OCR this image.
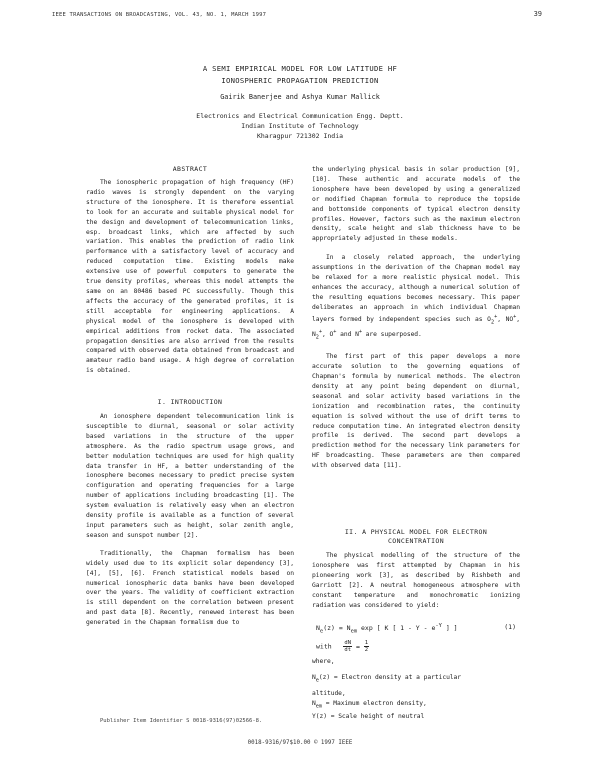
IEEE TRANSACTIONS ON BROADCASTING, VOL. 43, NO. 1, MARCH 1997	39
A SEMI EMPIRICAL MODEL FOR LOW LATITUDE HF
IONOSPHERIC PROPAGATION PREDICTION
Gairik Banerjee and Ashya Kumar Mallick
Electronics and Electrical Communication Engg. Deptt.
Indian Institute of Technology
Kharagpur 721302 India
ABSTRACT

The ionospheric propagation of high frequency (HF) radio waves is strongly dependent on the varying structure of the ionosphere. It is therefore essential to look for an accurate and suitable physical model for the design and development of telecommunication links, esp. broadcast links, which are affected by such variation. This enables the prediction of radio link performance with a satisfactory level of accuracy and reduced computation time. Existing models make extensive use of powerful computers to generate the true density profiles, whereas this model attempts the same on an 80486 based PC successfully. Though this affects the accuracy of the generated profiles, it is still acceptable for engineering applications. A physical model of the ionosphere is developed with empirical additions from rocket data. The associated propagation densities are also arrived from the results compared with observed data obtained from broadcast and amateur radio band usage. A high degree of correlation is obtained.

I. INTRODUCTION

An ionosphere dependent telecommunication link is susceptible to diurnal, seasonal or solar activity based variations in the structure of the upper atmosphere. As the radio spectrum usage grows, and better modulation techniques are used for high quality data transfer in HF, a better understanding of the ionosphere becomes necessary to predict precise system configuration and operating frequencies for a large number of applications including broadcasting [1]. The system evaluation is relatively easy when an electron density profile is available as a function of several input parameters such as height, solar zenith angle, season and sunspot number [2].

Traditionally, the Chapman formalism has been widely used due to its explicit solar dependency [3], [4], [5], [6]. French statistical models based on numerical ionospheric data banks have been developed over the years. The validity of coefficient extraction is still dependent on the correlation between present and past data [8]. Recently, renewed interest has been generated in the Chapman formalism due to

the underlying physical basis in solar production [9], [10]. These authentic and accurate models of the ionosphere have been developed by using a generalized or modified Chapman formula to reproduce the topside and bottomside components of typical electron density profiles. However, factors such as the maximum electron density, scale height and slab thickness have to be appropriately adjusted in these models.

In a closely related approach, the underlying assumptions in the derivation of the Chapman model may be relaxed for a more realistic physical model. This enhances the accuracy, although a numerical solution of the resulting equations becomes necessary. This paper deliberates an approach in which individual Chapman layers formed by independent species such as $O_2^+$, NO+, $N_2^+$, O+ and N+ are superposed.

The first part of this paper develops a more accurate solution to the governing equations of Chapman's formula by numerical methods. The electron density at any point being dependent on diurnal, seasonal and solar activity based variations in the ionization and recombination rates, the continuity equation is solved without the use of drift terms to reduce computation time. An integrated electron density profile is derived. The second part develops a prediction method for the necessary link parameters for HF broadcasting. These parameters are then compared with observed data [11].

II. A PHYSICAL MODEL FOR ELECTRON
CONCENTRATION

The physical modelling of the structure of the ionosphere was first attempted by Chapman in his pioneering work [3], as described by Rishbeth and Garriott [2]. A neutral homogeneous atmosphere with constant temperature and monochromatic ionizing radiation was considered to yield:

$N_e(z) = N_{em}$ exp [ K [ 1 - Y - $e^{-Y}$ ] ]	(1)
with $\frac{dN}{dt} = \frac{1}{2}$

where,

$N_e(z)$ = Electron density at a particular

altitude,

$N_{em}$ = Maximum electron density,

Y(z) = Scale height of neutral

Publisher Item Identifier S 0018-9316(97)02566-8.
0018-9316/97$10.00 © 1997 IEEE
